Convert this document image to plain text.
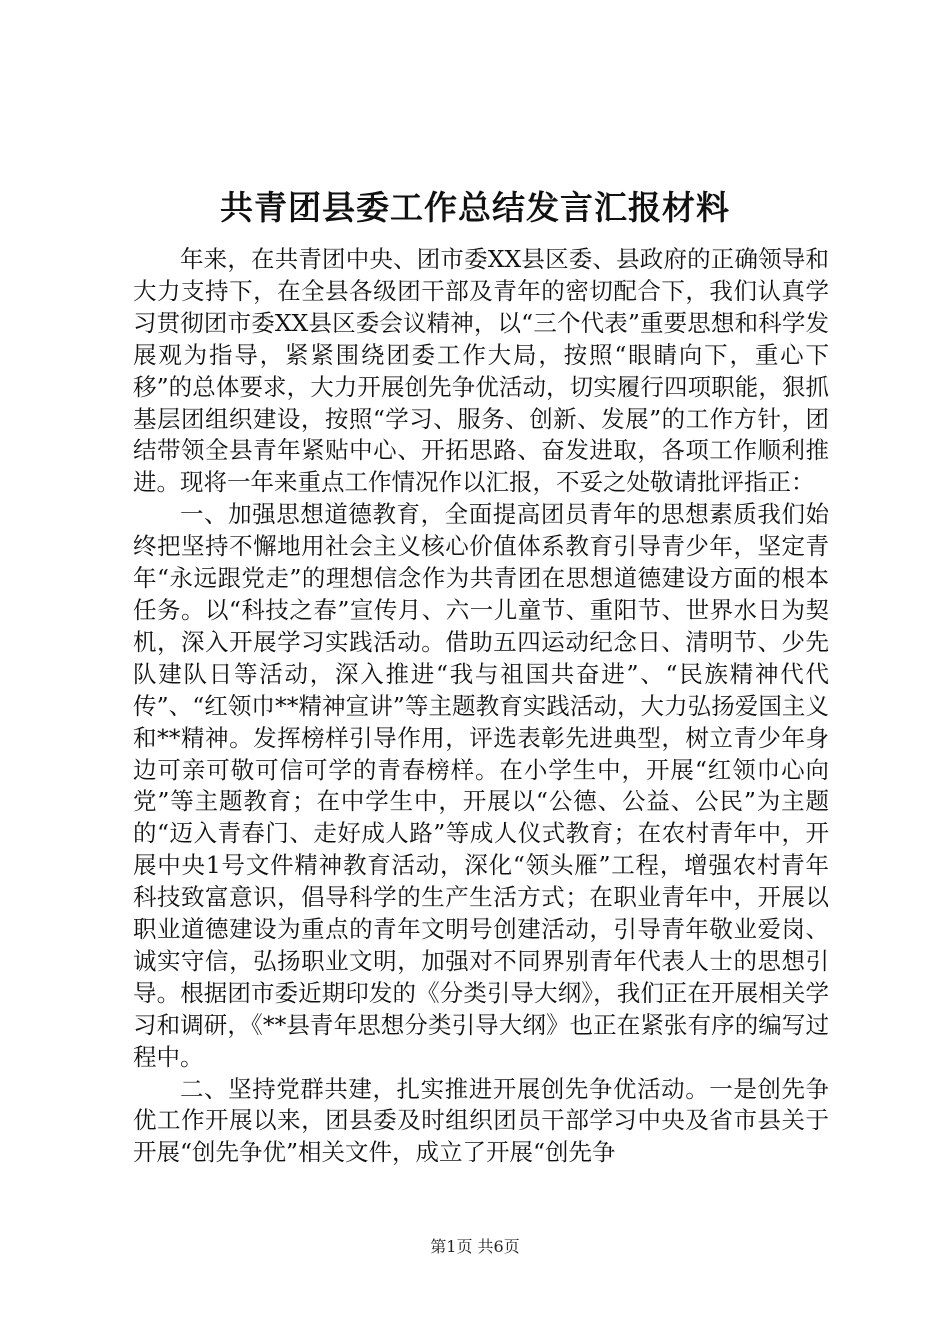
共青团县委工作总结发言汇报材料

年来，在共青团中央、团市委XX县区委、县政府的正确领导和大力支持下，在全县各级团干部及青年的密切配合下，我们认真学习贯彻团市委XX县区委会议精神，以“三个代表”重要思想和科学发展观为指导，紧紧围绕团委工作大局，按照“眼睛向下，重心下移”的总体要求，大力开展创先争优活动，切实履行四项职能，狠抓基层团组织建设，按照“学习、服务、创新、发展”的工作方针，团结带领全县青年紧贴中心、开拓思路、奋发进取，各项工作顺利推进。现将一年来重点工作情况作以汇报，不妥之处敬请批评指正：

一、加强思想道德教育，全面提高团员青年的思想素质我们始终把坚持不懈地用社会主义核心价值体系教育引导青少年，坚定青年“永远跟党走”的理想信念作为共青团在思想道德建设方面的根本任务。以“科技之春”宣传月、六一儿童节、重阳节、世界水日为契机，深入开展学习实践活动。借助五四运动纪念日、清明节、少先队建队日等活动，深入推进“我与祖国共奋进”、“民族精神代代传”、“红领巾**精神宣讲”等主题教育实践活动，大力弘扬爱国主义和**精神。发挥榜样引导作用，评选表彰先进典型，树立青少年身边可亲可敬可信可学的青春榜样。在小学生中，开展“红领巾心向党”等主题教育；在中学生中，开展以“公德、公益、公民”为主题的“迈入青春门、走好成人路”等成人仪式教育；在农村青年中，开展中央1号文件精神教育活动，深化“领头雁”工程，增强农村青年科技致富意识，倡导科学的生产生活方式；在职业青年中，开展以职业道德建设为重点的青年文明号创建活动，引导青年敬业爱岗、诚实守信，弘扬职业文明，加强对不同界别青年代表人士的思想引导。根据团市委近期印发的《分类引导大纲》，我们正在开展相关学习和调研，《**县青年思想分类引导大纲》也正在紧张有序的编写过程中。

二、坚持党群共建，扎实推进开展创先争优活动。一是创先争优工作开展以来，团县委及时组织团员干部学习中央及省市县关于开展“创先争优”相关文件，成立了开展“创先争

第1页 共6页
